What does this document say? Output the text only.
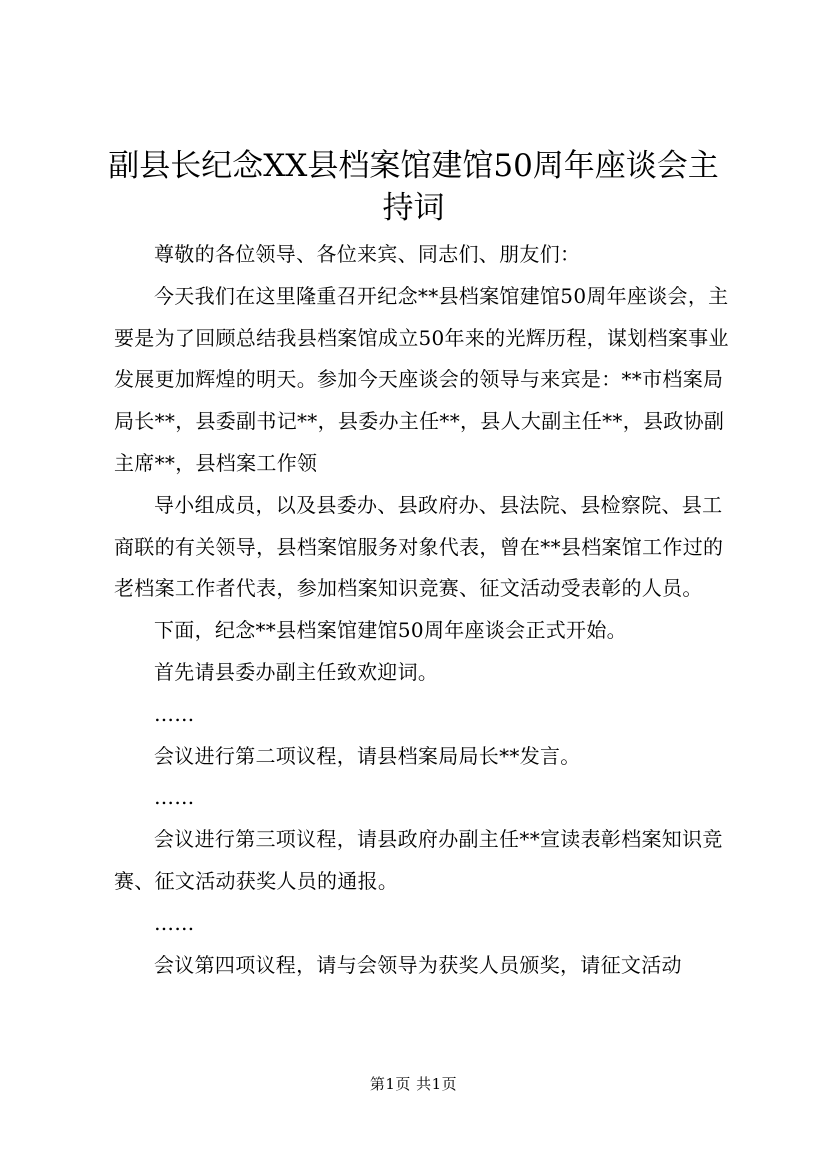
副县长纪念XX县档案馆建馆50周年座谈会主持词

尊敬的各位领导、各位来宾、同志们、朋友们：

今天我们在这里隆重召开纪念**县档案馆建馆50周年座谈会，主要是为了回顾总结我县档案馆成立50年来的光辉历程，谋划档案事业发展更加辉煌的明天。参加今天座谈会的领导与来宾是：**市档案局局长**，县委副书记**，县委办主任**，县人大副主任**，县政协副主席**，县档案工作领

导小组成员，以及县委办、县政府办、县法院、县检察院、县工商联的有关领导，县档案馆服务对象代表，曾在**县档案馆工作过的老档案工作者代表，参加档案知识竞赛、征文活动受表彰的人员。

下面，纪念**县档案馆建馆50周年座谈会正式开始。

首先请县委办副主任致欢迎词。

……

会议进行第二项议程，请县档案局局长**发言。

……

会议进行第三项议程，请县政府办副主任**宣读表彰档案知识竞赛、征文活动获奖人员的通报。

……

会议第四项议程，请与会领导为获奖人员颁奖，请征文活动

第1页 共1页
